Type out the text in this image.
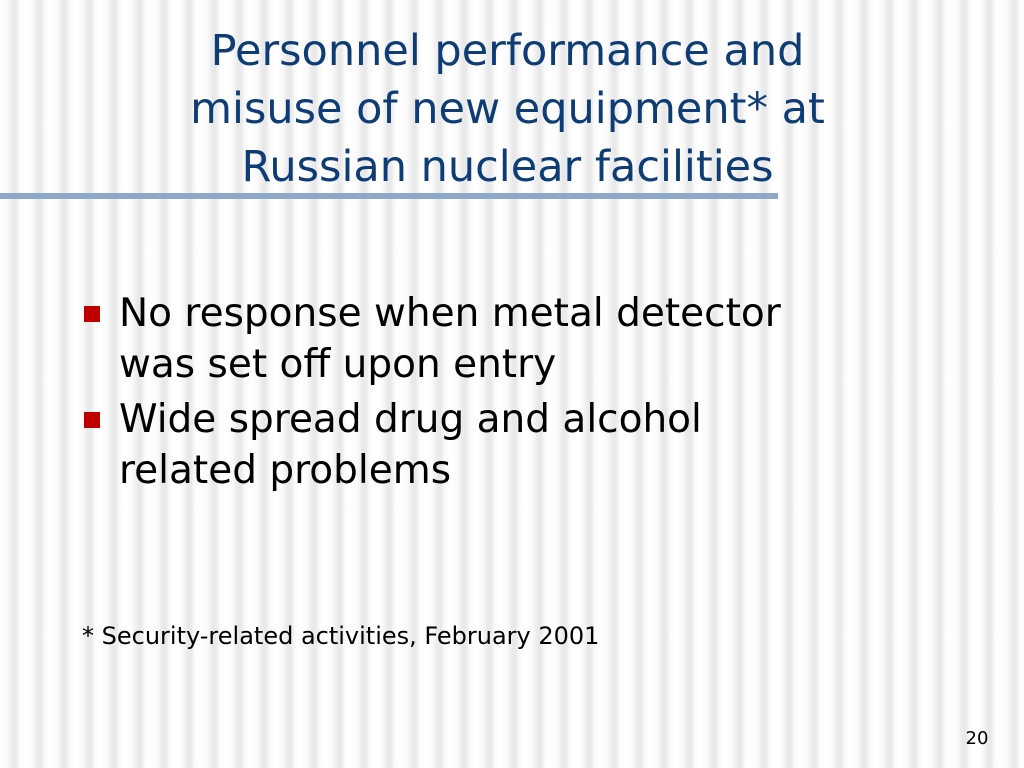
Personnel performance and
misuse of new equipment* at
Russian nuclear facilities
No response when metal detector
was set off upon entry
Wide spread drug and alcohol
related problems

* Security-related activities, February 2001

20
